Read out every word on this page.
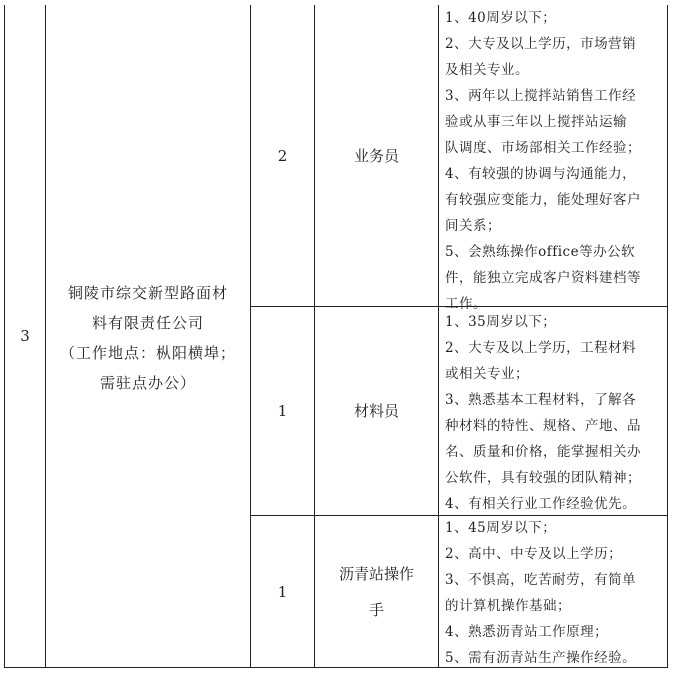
3
铜陵市综交新型路面材
料有限责任公司
（工作地点：枞阳横埠；
需驻点办公）
2	业务员
1、40周岁以下；
2、大专及以上学历，市场营销
及相关专业。
3、两年以上搅拌站销售工作经
验或从事三年以上搅拌站运输
队调度、市场部相关工作经验；
4、有较强的协调与沟通能力，
有较强应变能力，能处理好客户
间关系；
5、会熟练操作office等办公软
件，能独立完成客户资料建档等
工作。
1	材料员
1、35周岁以下；
2、大专及以上学历，工程材料
或相关专业；
3、熟悉基本工程材料，了解各
种材料的特性、规格、产地、品
名、质量和价格，能掌握相关办
公软件，具有较强的团队精神；
4、有相关行业工作经验优先。
1
沥青站操作
手
1、45周岁以下；
2、高中、中专及以上学历；
3、不惧高，吃苦耐劳，有简单
的计算机操作基础；
4、熟悉沥青站工作原理；
5、需有沥青站生产操作经验。
